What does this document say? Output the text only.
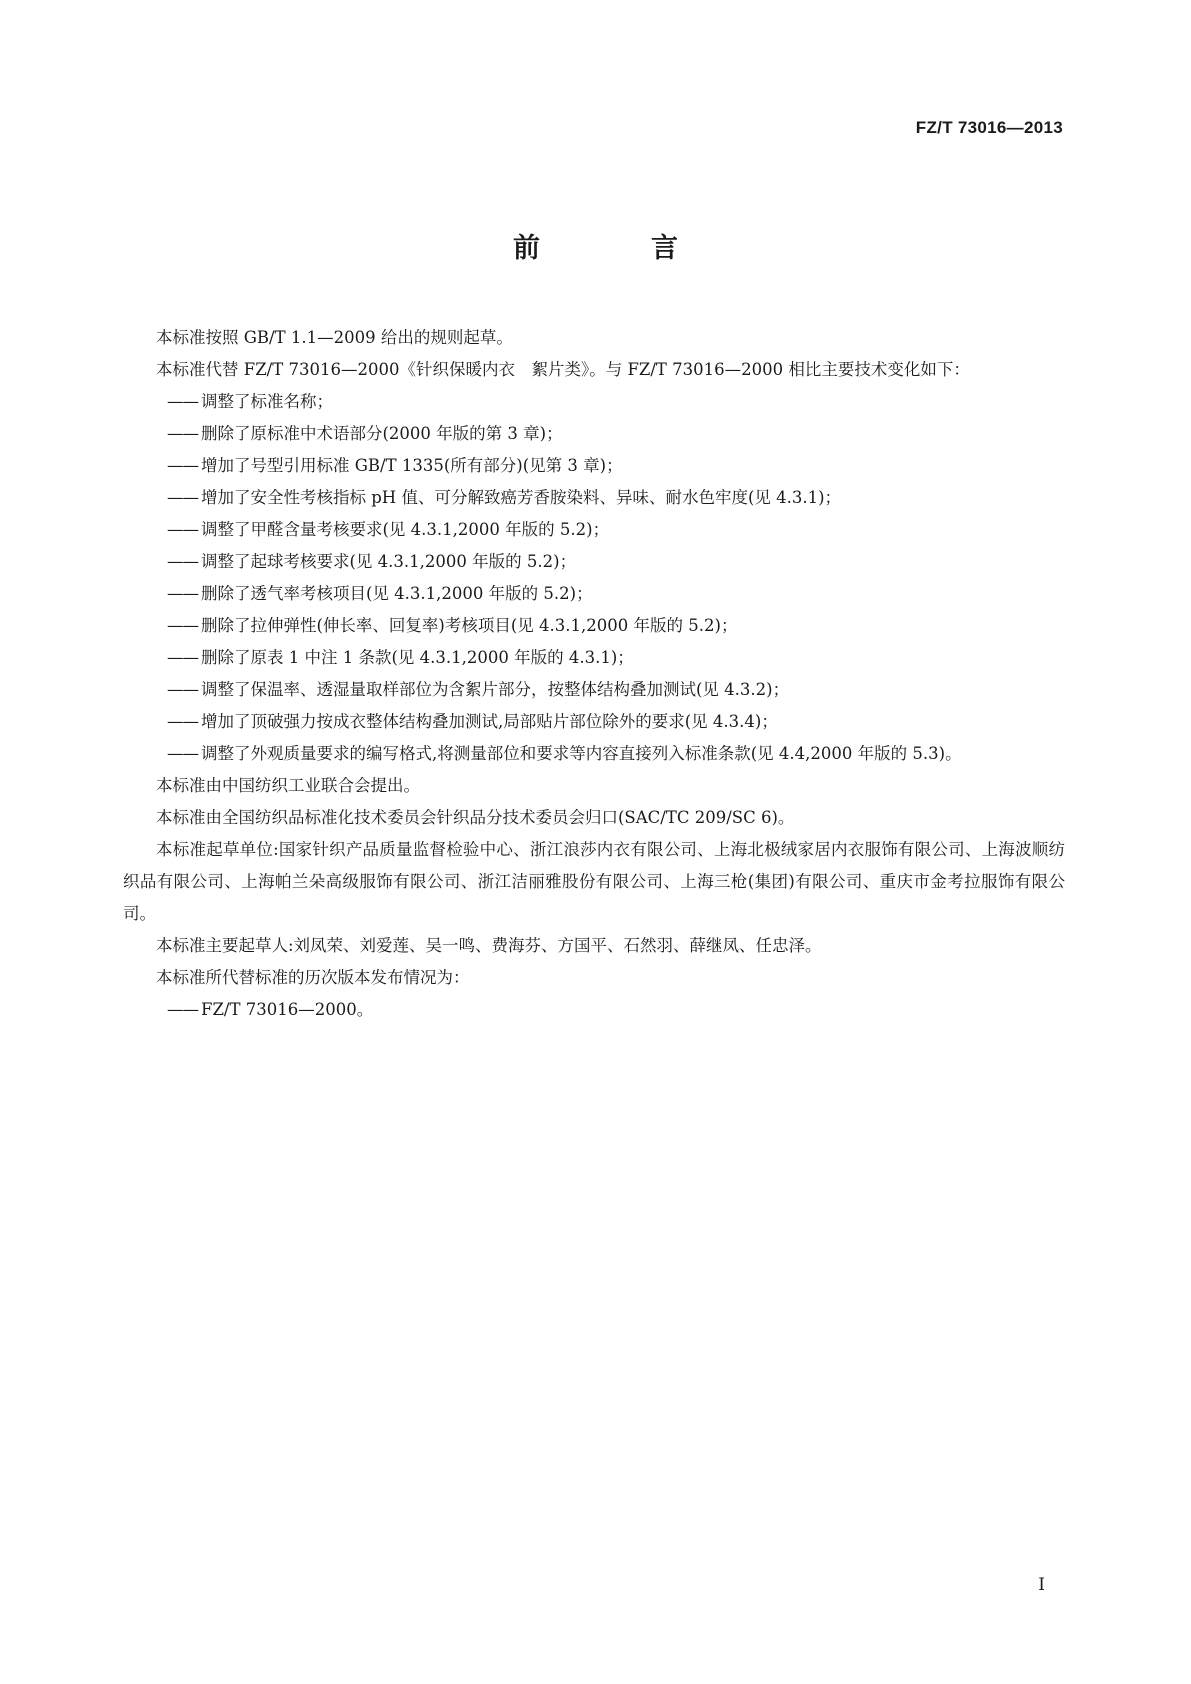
FZ/T 73016—2013
前　言

本标准按照 GB/T 1.1—2009 给出的规则起草。

本标准代替 FZ/T 73016—2000《针织保暖内衣　絮片类》。与 FZ/T 73016—2000 相比主要技术变化如下：

—— 调整了标准名称；

—— 删除了原标准中术语部分(2000 年版的第 3 章)；

—— 增加了号型引用标准 GB/T 1335(所有部分)(见第 3 章)；

—— 增加了安全性考核指标 pH 值、可分解致癌芳香胺染料、异味、耐水色牢度(见 4.3.1)；

—— 调整了甲醛含量考核要求(见 4.3.1,2000 年版的 5.2)；

—— 调整了起球考核要求(见 4.3.1,2000 年版的 5.2)；

—— 删除了透气率考核项目(见 4.3.1,2000 年版的 5.2)；

—— 删除了拉伸弹性(伸长率、回复率)考核项目(见 4.3.1,2000 年版的 5.2)；

—— 删除了原表 1 中注 1 条款(见 4.3.1,2000 年版的 4.3.1)；

—— 调整了保温率、透湿量取样部位为含絮片部分，按整体结构叠加测试(见 4.3.2)；

—— 增加了顶破强力按成衣整体结构叠加测试,局部贴片部位除外的要求(见 4.3.4)；

—— 调整了外观质量要求的编写格式,将测量部位和要求等内容直接列入标准条款(见 4.4,2000 年版的 5.3)。

本标准由中国纺织工业联合会提出。

本标准由全国纺织品标准化技术委员会针织品分技术委员会归口(SAC/TC 209/SC 6)。

本标准起草单位:国家针织产品质量监督检验中心、浙江浪莎内衣有限公司、上海北极绒家居内衣服饰有限公司、上海波顺纺织品有限公司、上海帕兰朵高级服饰有限公司、浙江洁丽雅股份有限公司、上海三枪(集团)有限公司、重庆市金考拉服饰有限公司。

本标准主要起草人:刘凤荣、刘爱莲、吴一鸣、费海芬、方国平、石然羽、薛继凤、任忠泽。

本标准所代替标准的历次版本发布情况为：

—— FZ/T 73016—2000。

I
